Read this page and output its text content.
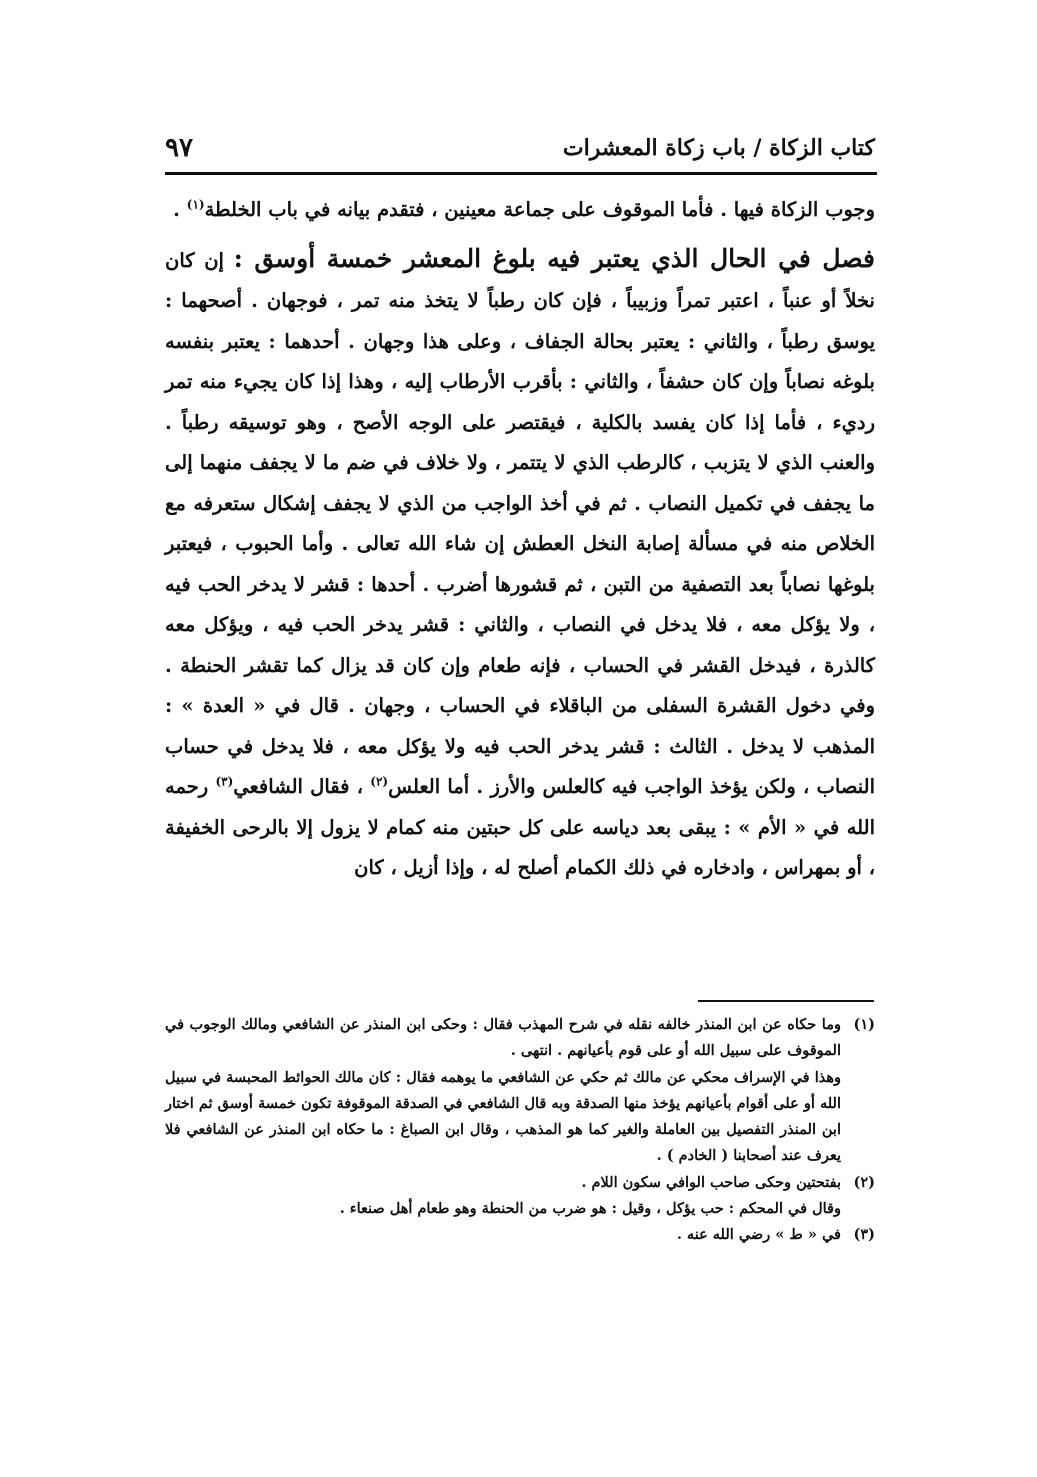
٩٧	كتاب الزكاة / باب زكاة المعشرات

وجوب الزكاة فيها . فأما الموقوف على جماعة معينين ، فتقدم بيانه في باب الخلطة$^{(١)}$ .

فصل في الحال الذي يعتبر فيه بلوغ المعشر خمسة أوسق : إن كان نخلاً أو عنباً ، اعتبر تمراً وزبيباً ، فإن كان رطباً لا يتخذ منه تمر ، فوجهان . أصحهما : يوسق رطباً ، والثاني : يعتبر بحالة الجفاف ، وعلى هذا وجهان . أحدهما : يعتبر بنفسه بلوغه نصاباً وإن كان حشفاً ، والثاني : بأقرب الأرطاب إليه ، وهذا إذا كان يجيء منه تمر رديء ، فأما إذا كان يفسد بالكلية ، فيقتصر على الوجه الأصح ، وهو توسيقه رطباً . والعنب الذي لا يتزبب ، كالرطب الذي لا يتتمر ، ولا خلاف في ضم ما لا يجفف منهما إلى ما يجفف في تكميل النصاب . ثم في أخذ الواجب من الذي لا يجفف إشكال ستعرفه مع الخلاص منه في مسألة إصابة النخل العطش إن شاء الله تعالى . وأما الحبوب ، فيعتبر بلوغها نصاباً بعد التصفية من التبن ، ثم قشورها أضرب . أحدها : قشر لا يدخر الحب فيه ، ولا يؤكل معه ، فلا يدخل في النصاب ، والثاني : قشر يدخر الحب فيه ، ويؤكل معه كالذرة ، فيدخل القشر في الحساب ، فإنه طعام وإن كان قد يزال كما تقشر الحنطة . وفي دخول القشرة السفلى من الباقلاء في الحساب ، وجهان . قال في « العدة » : المذهب لا يدخل . الثالث : قشر يدخر الحب فيه ولا يؤكل معه ، فلا يدخل في حساب النصاب ، ولكن يؤخذ الواجب فيه كالعلس والأرز . أما العلس$^{(٢)}$ ، فقال الشافعي$^{(٣)}$ رحمه الله في « الأم » : يبقى بعد دياسه على كل حبتين منه كمام لا يزول إلا بالرحى الخفيفة ، أو بمهراس ، وادخاره في ذلك الكمام أصلح له ، وإذا أزيل ، كان

(١)
وما حكاه عن ابن المنذر خالفه نقله في شرح المهذب فقال : وحكى ابن المنذر عن الشافعي ومالك الوجوب في الموقوف على سبيل الله أو على قوم بأعيانهم . انتهى .
وهذا في الإسراف محكي عن مالك ثم حكي عن الشافعي ما يوهمه فقال : كان مالك الحوائط المحبسة في سبيل الله أو على أقوام بأعيانهم يؤخذ منها الصدقة وبه قال الشافعي في الصدقة الموقوفة تكون خمسة أوسق ثم اختار ابن المنذر التفصيل بين العاملة والغير كما هو المذهب ، وقال ابن الصباغ : ما حكاه ابن المنذر عن الشافعي فلا يعرف عند أصحابنا ( الخادم ) .
(٢)
بفتحتين وحكى صاحب الوافي سكون اللام .
وقال في المحكم : حب يؤكل ، وقيل : هو ضرب من الحنطة وهو طعام أهل صنعاء .
(٣)
في « ط » رضي الله عنه .
